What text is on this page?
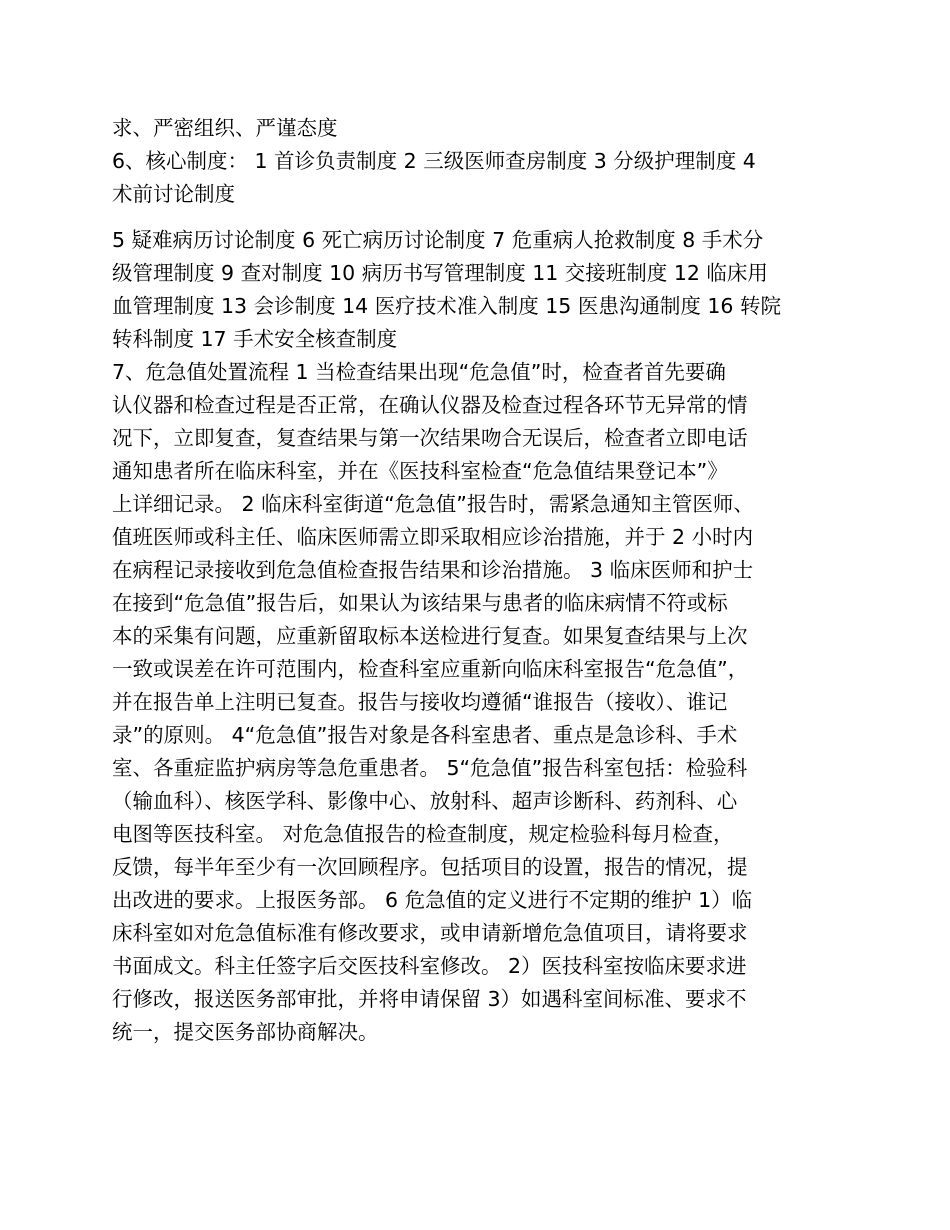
求、严密组织、严谨态度
6、核心制度： 1 首诊负责制度 2 三级医师查房制度 3 分级护理制度 4
术前讨论制度
5 疑难病历讨论制度 6 死亡病历讨论制度 7 危重病人抢救制度 8 手术分
级管理制度 9 查对制度 10 病历书写管理制度 11 交接班制度 12 临床用
血管理制度 13 会诊制度 14 医疗技术准入制度 15 医患沟通制度 16 转院
转科制度 17 手术安全核查制度
7、危急值处置流程 1 当检查结果出现“危急值”时，检查者首先要确
认仪器和检查过程是否正常，在确认仪器及检查过程各环节无异常的情
况下，立即复查，复查结果与第一次结果吻合无误后，检查者立即电话
通知患者所在临床科室，并在《医技科室检查“危急值结果登记本”》
上详细记录。 2 临床科室街道“危急值”报告时，需紧急通知主管医师、
值班医师或科主任、临床医师需立即采取相应诊治措施，并于 2 小时内
在病程记录接收到危急值检查报告结果和诊治措施。 3 临床医师和护士
在接到“危急值”报告后，如果认为该结果与患者的临床病情不符或标
本的采集有问题，应重新留取标本送检进行复查。如果复查结果与上次
一致或误差在许可范围内，检查科室应重新向临床科室报告“危急值”，
并在报告单上注明已复查。报告与接收均遵循“谁报告（接收）、谁记
录”的原则。 4“危急值”报告对象是各科室患者、重点是急诊科、手术
室、各重症监护病房等急危重患者。 5“危急值”报告科室包括：检验科
（输血科）、核医学科、影像中心、放射科、超声诊断科、药剂科、心
电图等医技科室。 对危急值报告的检查制度，规定检验科每月检查，
反馈，每半年至少有一次回顾程序。包括项目的设置，报告的情况，提
出改进的要求。上报医务部。 6 危急值的定义进行不定期的维护 1）临
床科室如对危急值标准有修改要求，或申请新增危急值项目，请将要求
书面成文。科主任签字后交医技科室修改。 2）医技科室按临床要求进
行修改，报送医务部审批，并将申请保留 3）如遇科室间标准、要求不
统一，提交医务部协商解决。
